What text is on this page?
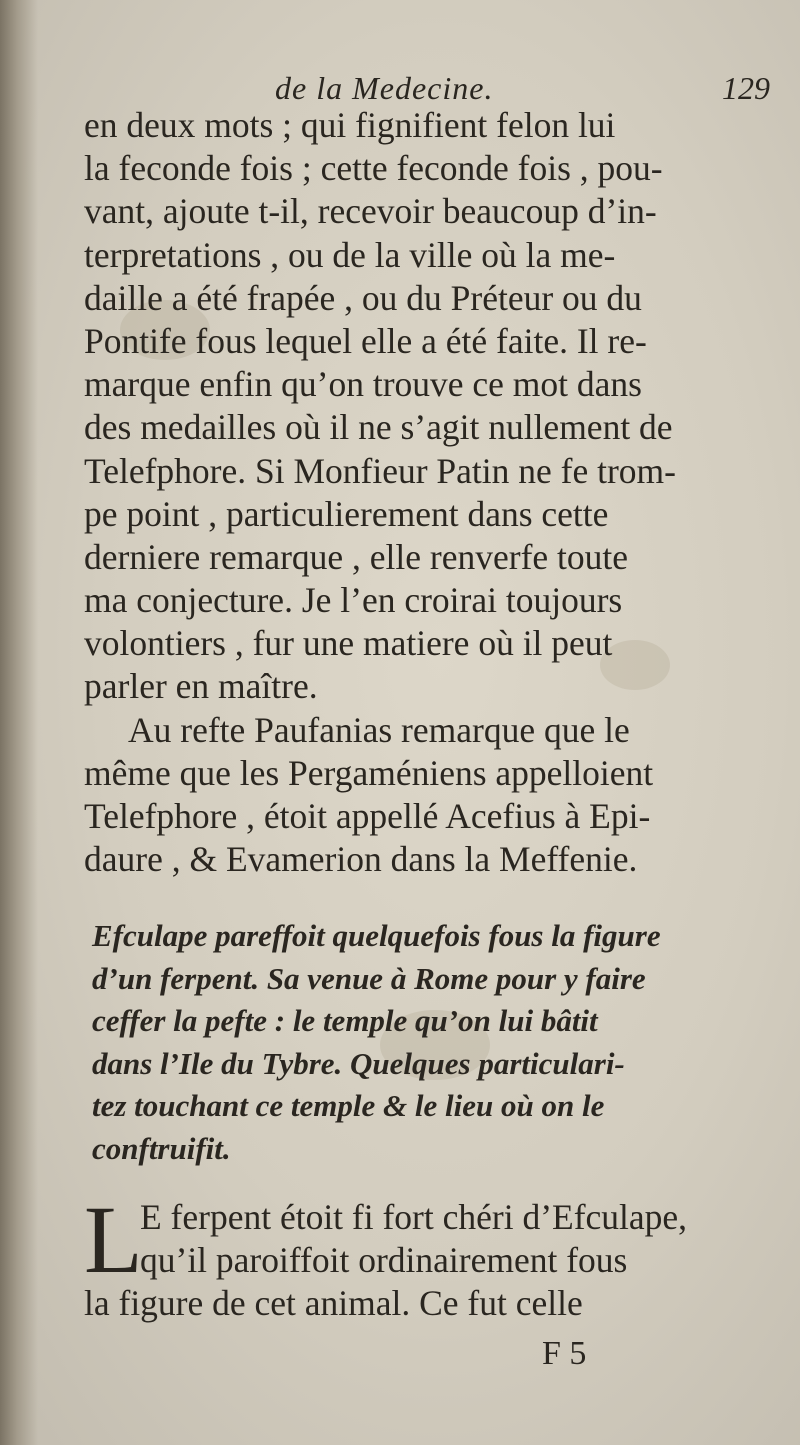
de la Medecine.	129
en deux mots ; qui fignifient felon lui
la feconde fois ; cette feconde fois , pou-
vant, ajoute t-il, recevoir beaucoup d’in-
terpretations , ou de la ville où la me-
daille a été frapée , ou du Préteur ou du
Pontife fous lequel elle a été faite. Il re-
marque enfin qu’on trouve ce mot dans
des medailles où il ne s’agit nullement de
Telefphore. Si Monfieur Patin ne fe trom-
pe point , particulierement dans cette
derniere remarque , elle renverfe toute
ma conjecture. Je l’en croirai toujours
volontiers , fur une matiere où il peut
parler en maître.
Au refte Paufanias remarque que le
même que les Pergaméniens appelloient
Telefphore , étoit appellé Acefius à Epi-
daure , & Evamerion dans la Meffenie.
Efculape pareffoit quelquefois fous la figure
d’un ferpent. Sa venue à Rome pour y faire
ceffer la pefte : le temple qu’on lui bâtit
dans l’Ile du Tybre. Quelques particulari-
tez touchant ce temple & le lieu où on le
conftruifit.
L
E ferpent étoit fi fort chéri d’Efculape,
qu’il paroiffoit ordinairement fous
la figure de cet animal. Ce fut celle
F 5
